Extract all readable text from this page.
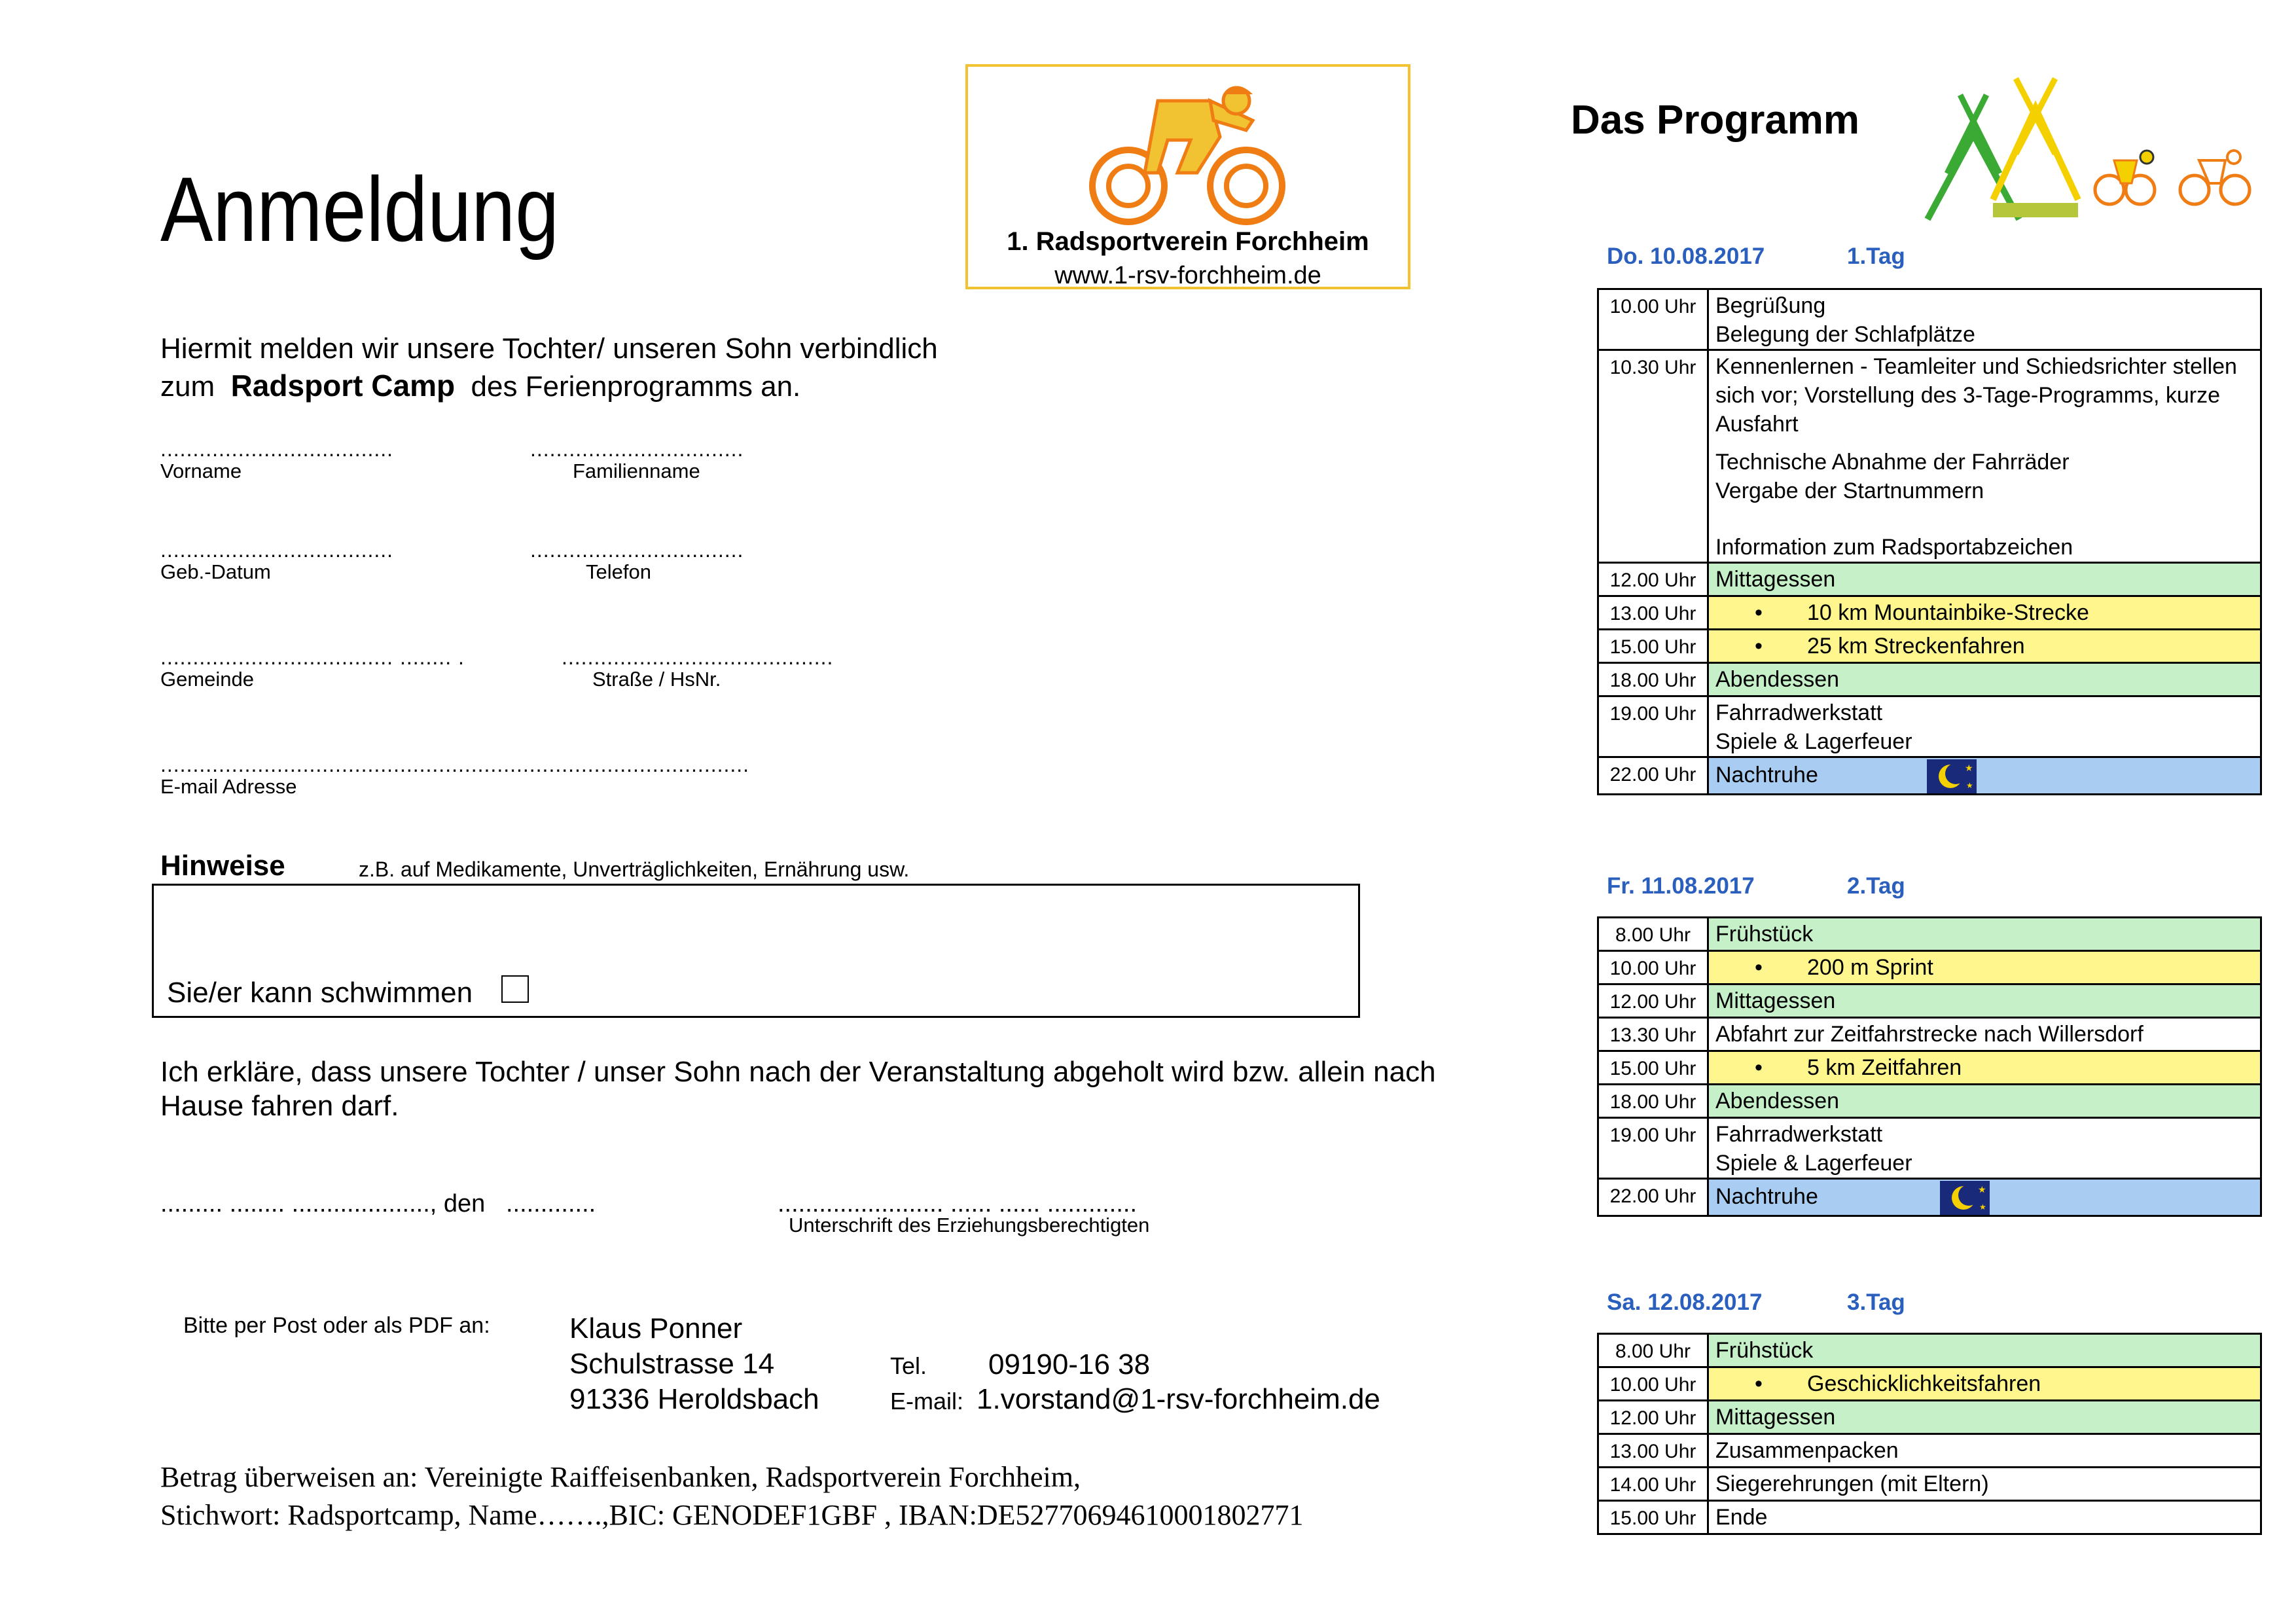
Anmeldung	1. Radsportverein Forchheim
www.1-rsv-forchheim.de
Hiermit melden wir unsere Tochter/ unseren Sohn verbindlich
zum Radsport Camp des Ferienprogramms an.
....................................
Vorname
.................................
Familienname
....................................
Geb.-Datum
.................................
Telefon
.................................... ........ .
Gemeinde
..........................................
Straße / HsNr.
...........................................................................................
E-mail Adresse
Hinweise	z.B. auf Medikamente, Unverträglichkeiten, Ernährung usw.
Sie/er kann schwimmen
Ich erkläre, dass unsere Tochter / unser Sohn nach der Veranstaltung abgeholt wird bzw. allein nach Hause fahren darf.
......... ........ ...................., den .............	........................ ...... ...... .............
Unterschrift des Erziehungsberechtigten
Bitte per Post oder als PDF an:	Klaus Ponner
Schulstrasse 14
91336 Heroldsbach
Tel. 09190-16 38
E-mail: 1.vorstand@1-rsv-forchheim.de
Betrag überweisen an: Vereinigte Raiffeisenbanken, Radsportverein Forchheim,
Stichwort: Radsportcamp, Name…….,BIC: GENODEF1GBF , IBAN:DE52770694610001802771
Das Programm
Do. 10.08.2017	1.Tag
10.00 Uhr	Begrüßung
Belegung der Schlafplätze

10.30 Uhr	Kennenlernen - Teamleiter und Schiedsrichter stellen sich vor; Vorstellung des 3-Tage-Programms, kurze Ausfahrt
Technische Abnahme der Fahrräder
Vergabe der Startnummern
Information zum Radsportabzeichen

12.00 Uhr	Mittagessen
13.00 Uhr	• 10 km Mountainbike-Strecke
15.00 Uhr	• 25 km Streckenfahren
18.00 Uhr	Abendessen
19.00 Uhr	Fahrradwerkstatt
Spiele & Lagerfeuer

22.00 Uhr	Nachtruhe ★
★
Fr. 11.08.2017	2.Tag
8.00 Uhr	Frühstück
10.00 Uhr	• 200 m Sprint
12.00 Uhr	Mittagessen
13.30 Uhr	Abfahrt zur Zeitfahrstrecke nach Willersdorf
15.00 Uhr	• 5 km Zeitfahren
18.00 Uhr	Abendessen
19.00 Uhr	Fahrradwerkstatt
Spiele & Lagerfeuer

22.00 Uhr	Nachtruhe ★
★
Sa. 12.08.2017	3.Tag
8.00 Uhr	Frühstück
10.00 Uhr	• Geschicklichkeitsfahren
12.00 Uhr	Mittagessen
13.00 Uhr	Zusammenpacken
14.00 Uhr	Siegerehrungen (mit Eltern)
15.00 Uhr	Ende
